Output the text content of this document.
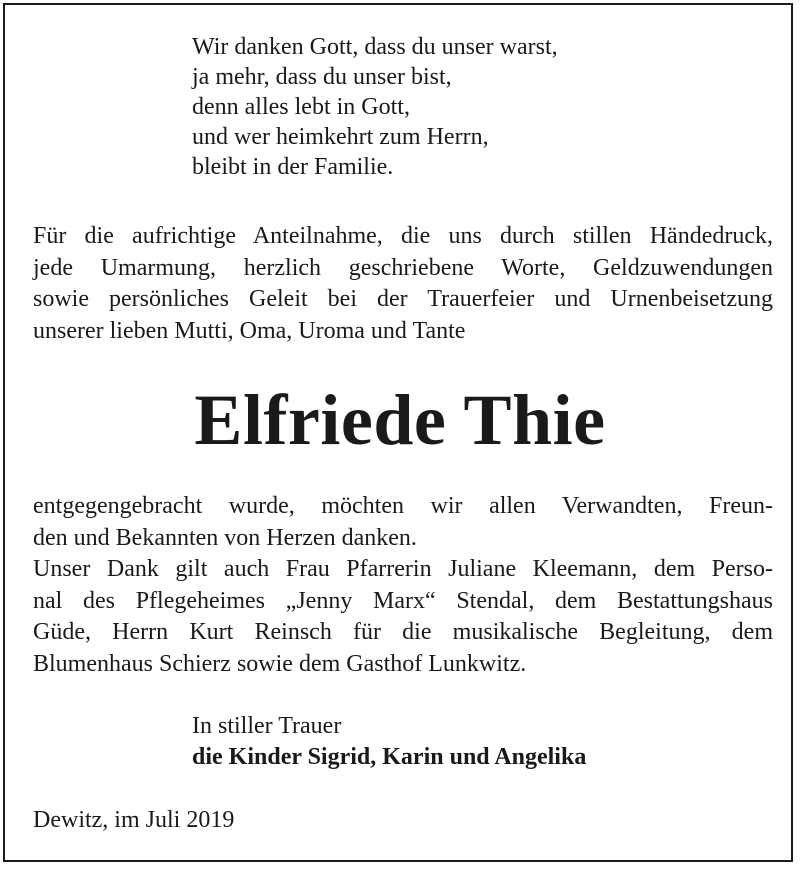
Wir danken Gott, dass du unser warst,
ja mehr, dass du unser bist,
denn alles lebt in Gott,
und wer heimkehrt zum Herrn,
bleibt in der Familie.
Für die aufrichtige Anteilnahme, die uns durch stillen Händedruck,
jede Umarmung, herzlich geschriebene Worte, Geldzuwendungen
sowie persönliches Geleit bei der Trauerfeier und Urnenbeisetzung
unserer lieben Mutti, Oma, Uroma und Tante
Elfriede Thie
entgegengebracht wurde, möchten wir allen Verwandten, Freun-
den und Bekannten von Herzen danken.
Unser Dank gilt auch Frau Pfarrerin Juliane Kleemann, dem Perso-
nal des Pflegeheimes „Jenny Marx“ Stendal, dem Bestattungshaus
Güde, Herrn Kurt Reinsch für die musikalische Begleitung, dem
Blumenhaus Schierz sowie dem Gasthof Lunkwitz.
In stiller Trauer
die Kinder Sigrid, Karin und Angelika
Dewitz, im Juli 2019
